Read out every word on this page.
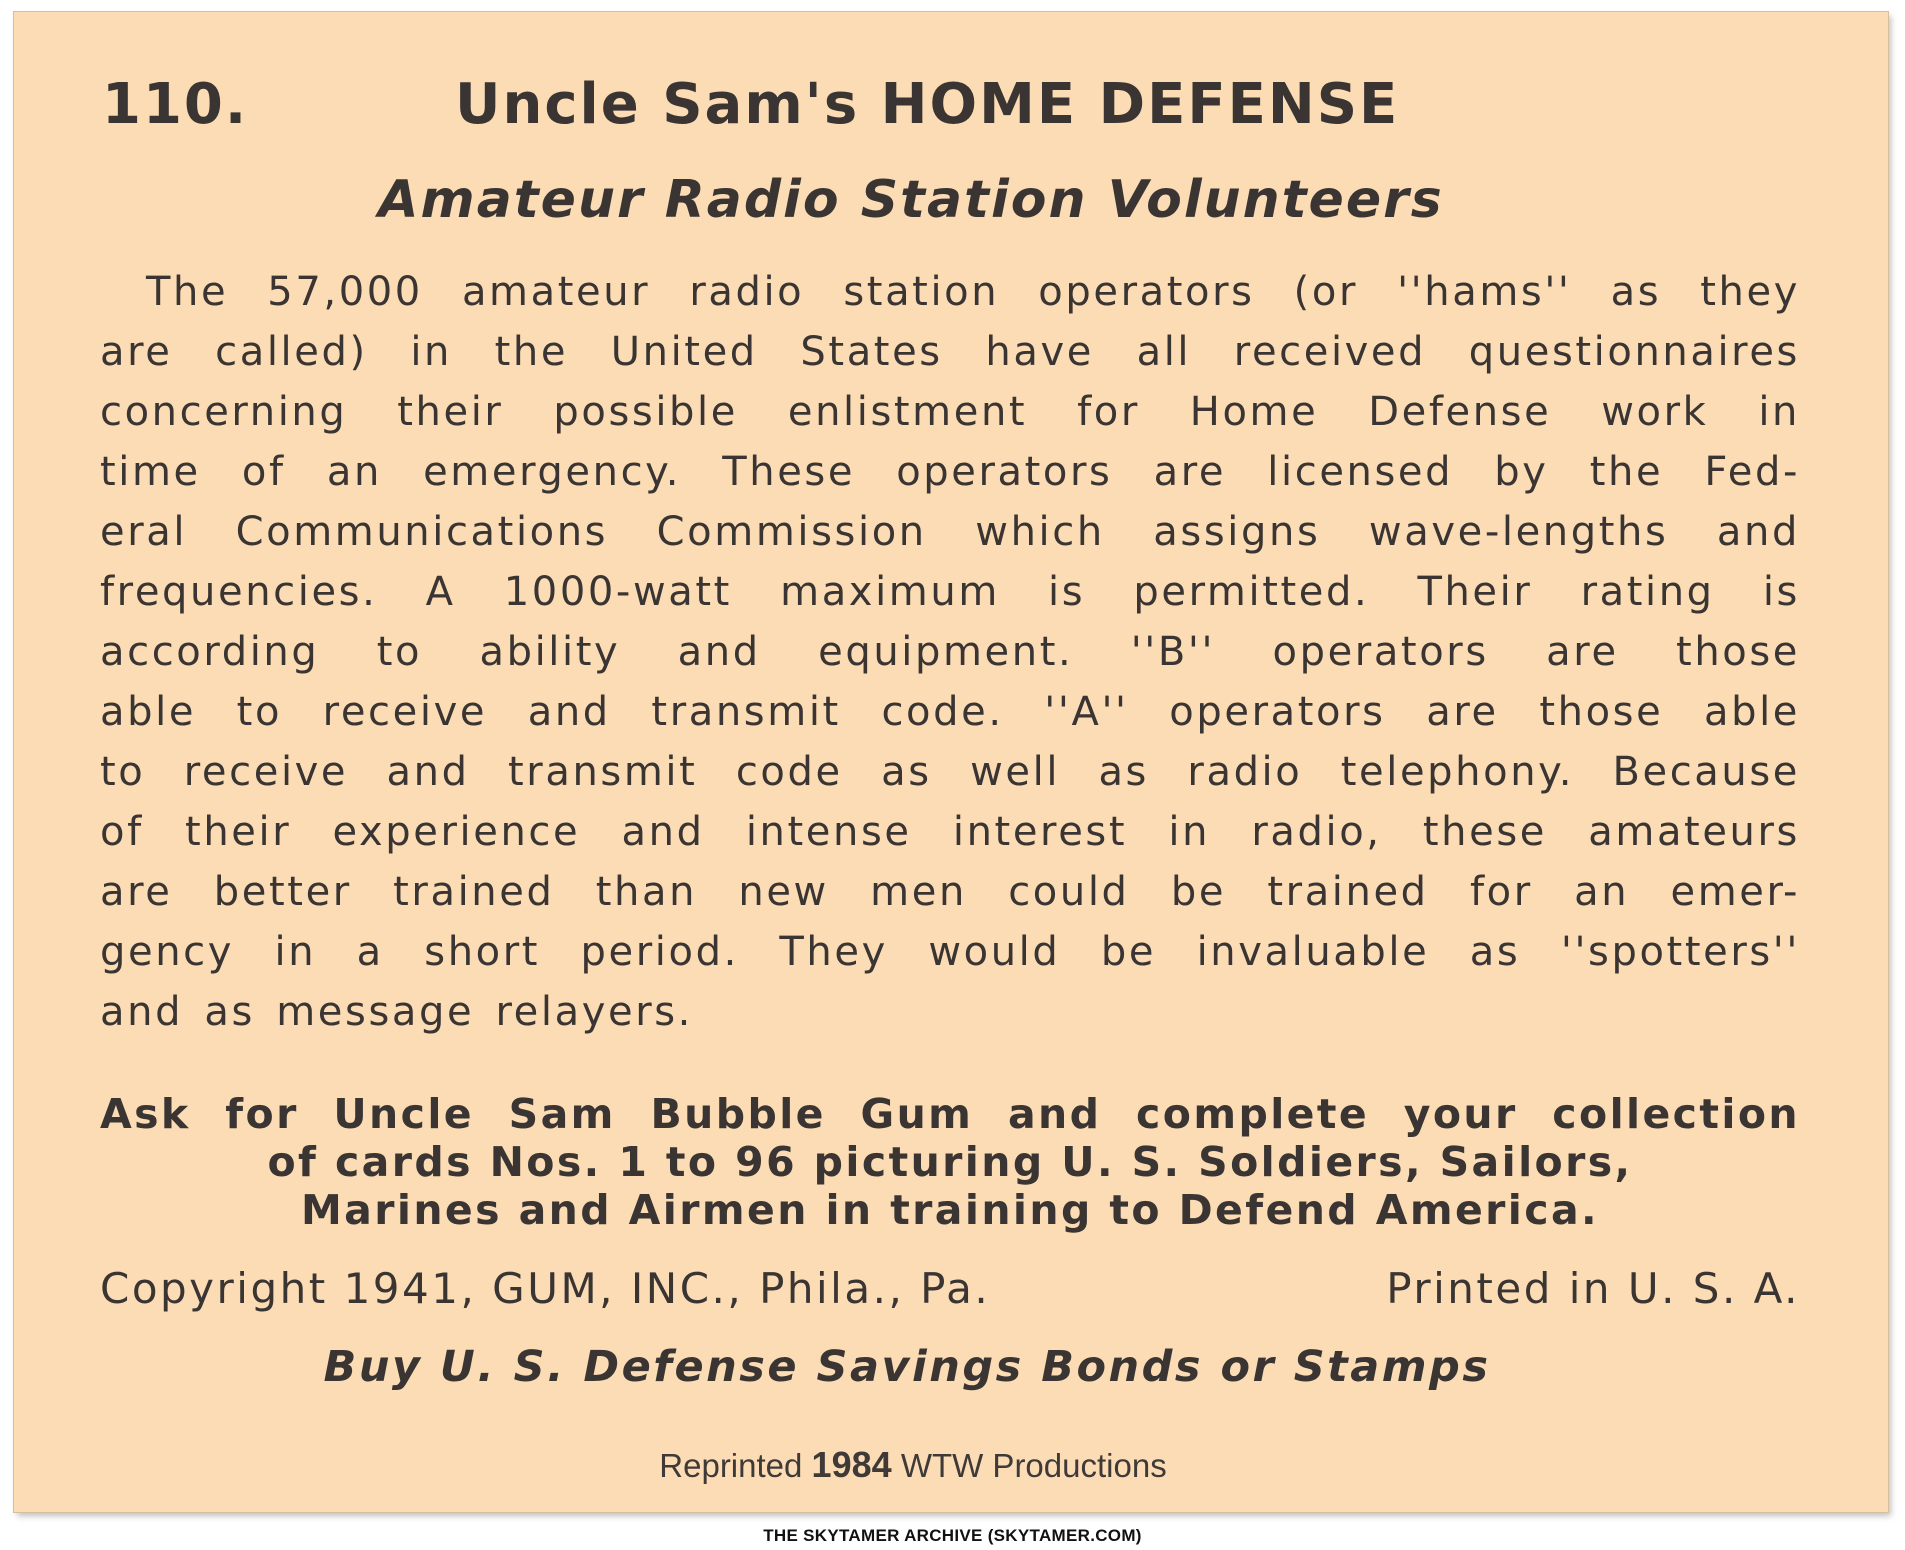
110.	Uncle Sam's HOME DEFENSE
Amateur Radio Station Volunteers
The 57,000 amateur radio station operators (or ''hams'' as they
are called) in the United States have all received questionnaires
concerning their possible enlistment for Home Defense work in
time of an emergency. These operators are licensed by the Fed-
eral Communications Commission which assigns wave-lengths and
frequencies. A 1000-watt maximum is permitted. Their rating is
according to ability and equipment. ''B'' operators are those
able to receive and transmit code. ''A'' operators are those able
to receive and transmit code as well as radio telephony. Because
of their experience and intense interest in radio, these amateurs
are better trained than new men could be trained for an emer-
gency in a short period. They would be invaluable as ''spotters''
and as message relayers.
Ask for Uncle Sam Bubble Gum and complete your collection
of cards Nos. 1 to 96 picturing U. S. Soldiers, Sailors,
Marines and Airmen in training to Defend America.
Copyright 1941, GUM, INC., Phila., Pa.	Printed in U. S. A.
Buy U. S. Defense Savings Bonds or Stamps
Reprinted 1984 WTW Productions
THE SKYTAMER ARCHIVE (SKYTAMER.COM)
